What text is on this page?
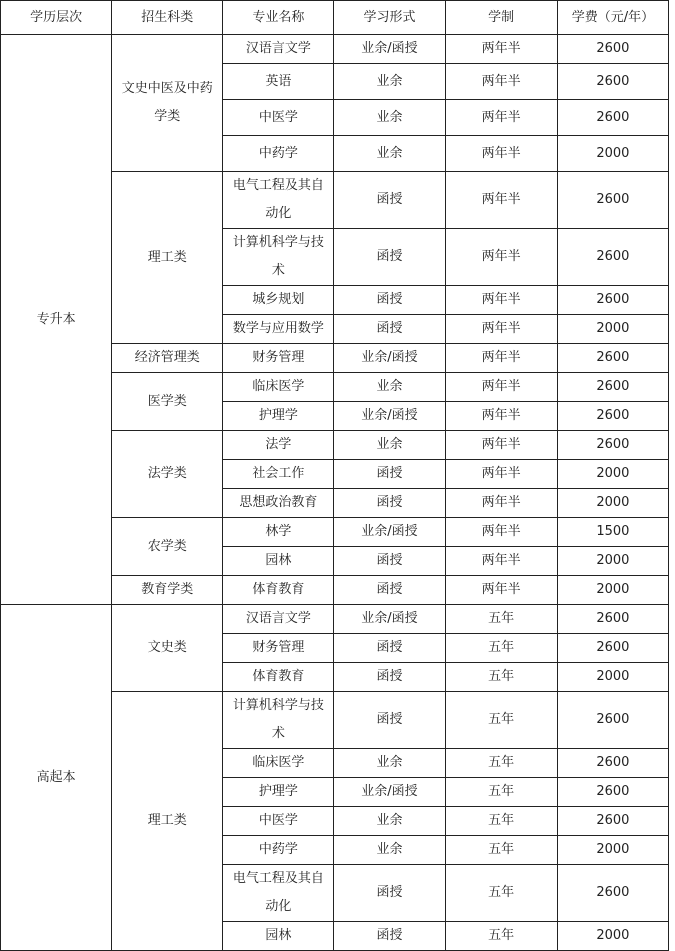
学历层次	招生科类	专业名称	学习形式	学制	学费（元/年）
专升本	文史中医及中药学类	汉语言文学	业余/函授	两年半	2600
		英语	业余	两年半	2600
		中医学	业余	两年半	2600
		中药学	业余	两年半	2000
	理工类	电气工程及其自动化	函授	两年半	2600
		计算机科学与技术	函授	两年半	2600
		城乡规划	函授	两年半	2600
		数学与应用数学	函授	两年半	2000
	经济管理类	财务管理	业余/函授	两年半	2600
	医学类	临床医学	业余	两年半	2600
		护理学	业余/函授	两年半	2600
	法学类	法学	业余	两年半	2600
		社会工作	函授	两年半	2000
		思想政治教育	函授	两年半	2000
	农学类	林学	业余/函授	两年半	1500
		园林	函授	两年半	2000
	教育学类	体育教育	函授	两年半	2000
高起本	文史类	汉语言文学	业余/函授	五年	2600
		财务管理	函授	五年	2600
		体育教育	函授	五年	2000
	理工类	计算机科学与技术	函授	五年	2600
		临床医学	业余	五年	2600
		护理学	业余/函授	五年	2600
		中医学	业余	五年	2600
		中药学	业余	五年	2000
		电气工程及其自动化	函授	五年	2600
		园林	函授	五年	2000
